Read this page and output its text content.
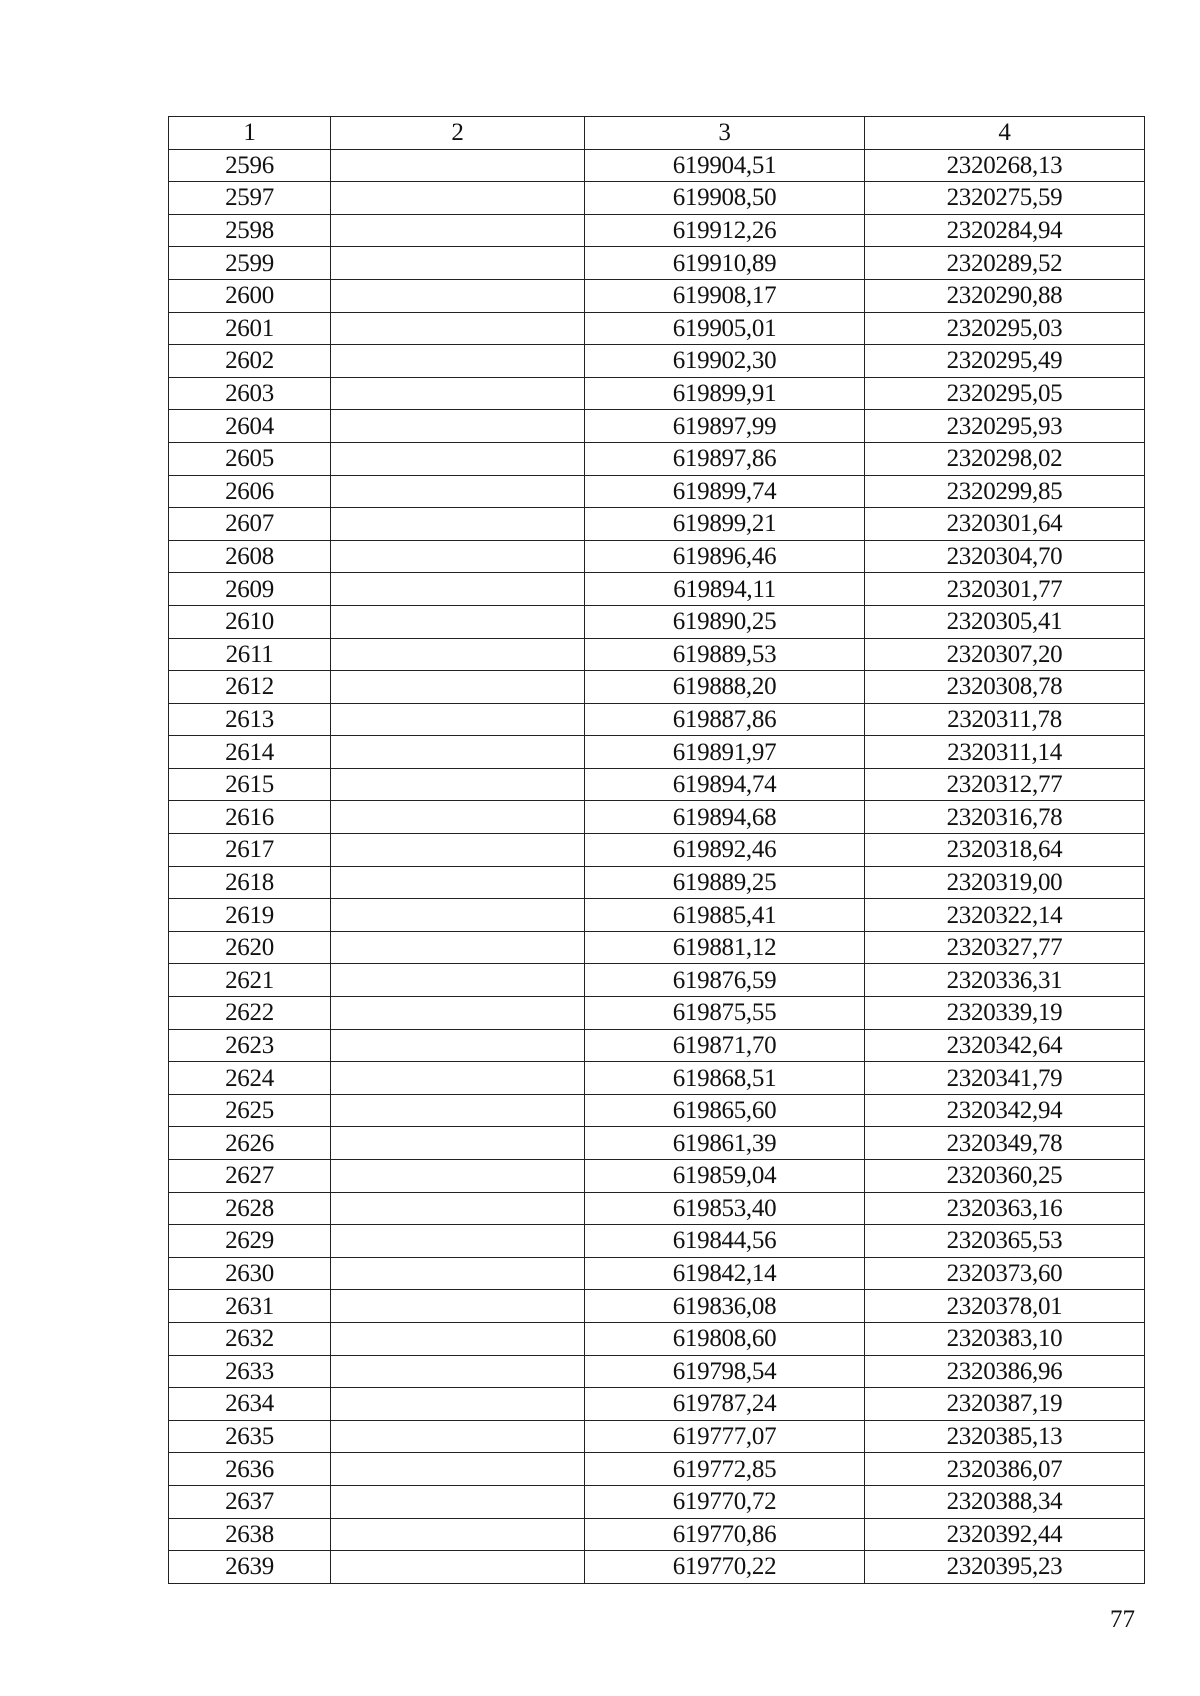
1	2	3	4
2596		619904,51	2320268,13
2597		619908,50	2320275,59
2598		619912,26	2320284,94
2599		619910,89	2320289,52
2600		619908,17	2320290,88
2601		619905,01	2320295,03
2602		619902,30	2320295,49
2603		619899,91	2320295,05
2604		619897,99	2320295,93
2605		619897,86	2320298,02
2606		619899,74	2320299,85
2607		619899,21	2320301,64
2608		619896,46	2320304,70
2609		619894,11	2320301,77
2610		619890,25	2320305,41
2611		619889,53	2320307,20
2612		619888,20	2320308,78
2613		619887,86	2320311,78
2614		619891,97	2320311,14
2615		619894,74	2320312,77
2616		619894,68	2320316,78
2617		619892,46	2320318,64
2618		619889,25	2320319,00
2619		619885,41	2320322,14
2620		619881,12	2320327,77
2621		619876,59	2320336,31
2622		619875,55	2320339,19
2623		619871,70	2320342,64
2624		619868,51	2320341,79
2625		619865,60	2320342,94
2626		619861,39	2320349,78
2627		619859,04	2320360,25
2628		619853,40	2320363,16
2629		619844,56	2320365,53
2630		619842,14	2320373,60
2631		619836,08	2320378,01
2632		619808,60	2320383,10
2633		619798,54	2320386,96
2634		619787,24	2320387,19
2635		619777,07	2320385,13
2636		619772,85	2320386,07
2637		619770,72	2320388,34
2638		619770,86	2320392,44
2639		619770,22	2320395,23
77
